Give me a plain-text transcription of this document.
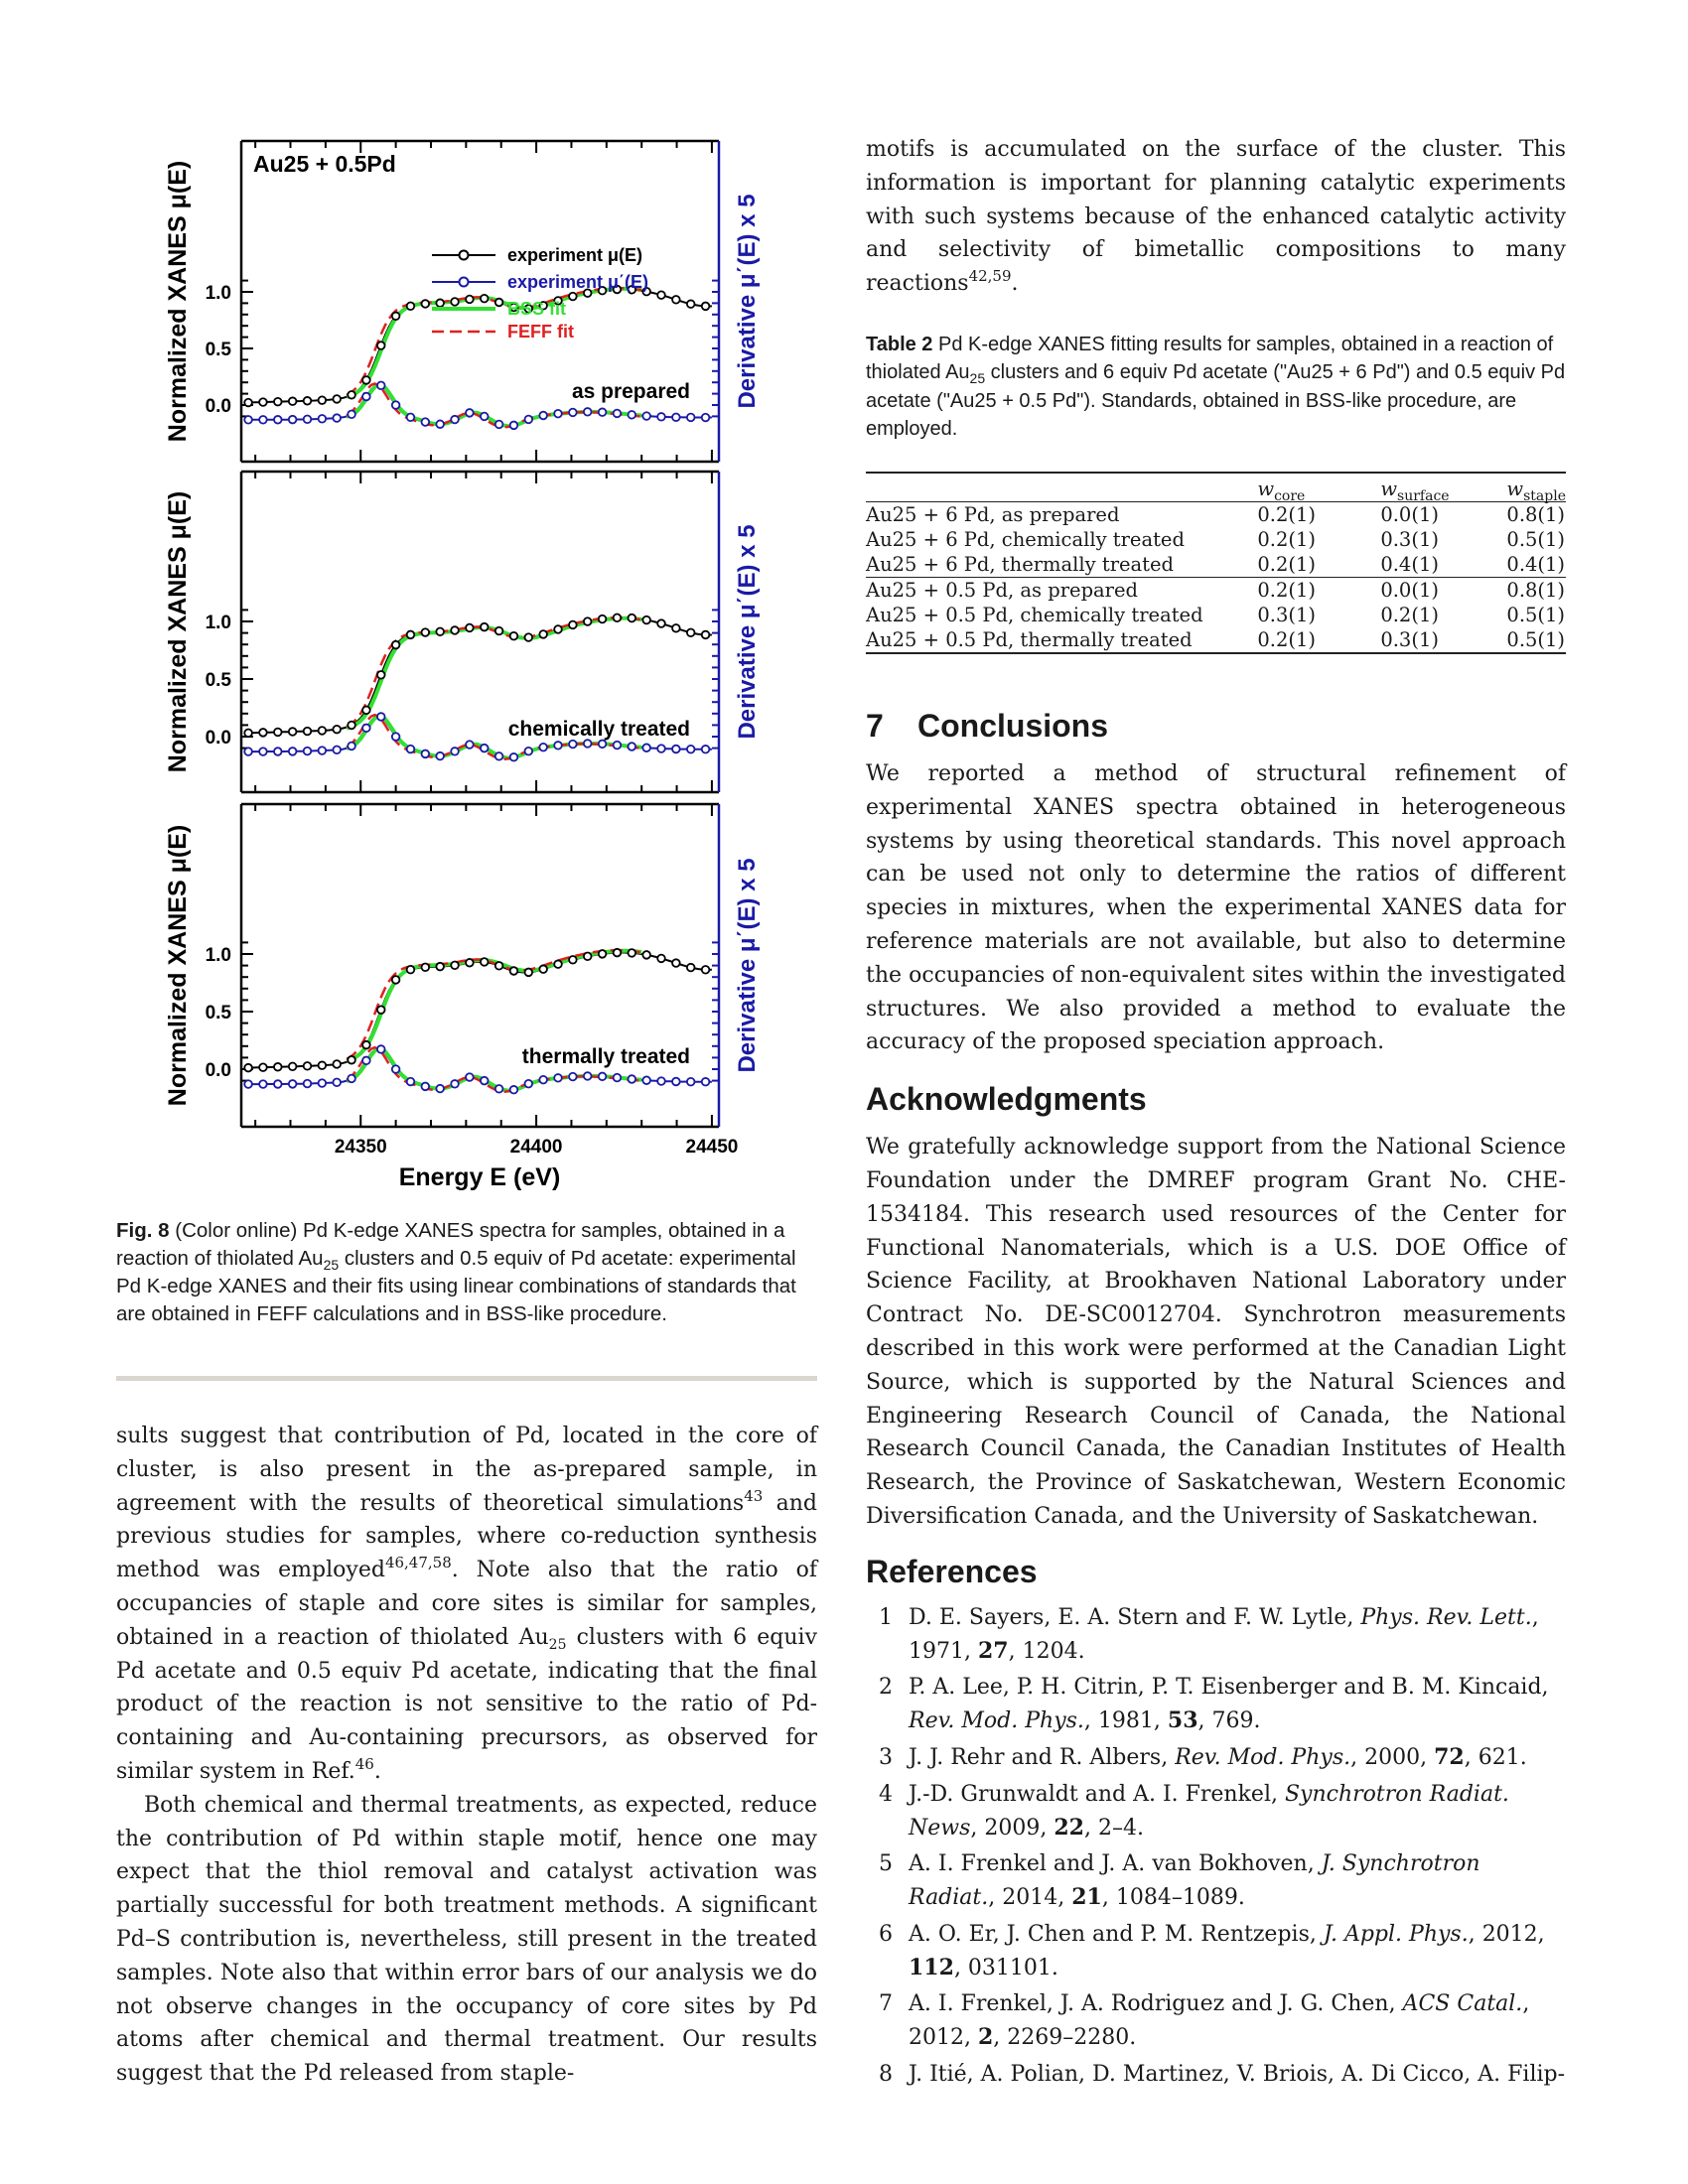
1.0
0.5
0.0
Normalized XANES μ(E)	Derivative μ΄(E) x 5
as prepared
1.0
0.5
0.0
Normalized XANES μ(E)	Derivative μ΄(E) x 5
chemically treated
1.0
0.5
0.0
Normalized XANES μ(E)	Derivative μ΄(E) x 5
thermally treated
Au25 + 0.5Pd
experiment μ(E)
experiment μ΄(E)
BSS fit
FEFF fit
24350	24400	24450
Energy E (eV)
Fig. 8 (Color online) Pd K-edge XANES spectra for samples, obtained in a reaction of thiolated $Au_{25}$ clusters and 0.5 equiv of Pd acetate: experimental Pd K-edge XANES and their fits using linear combinations of standards that are obtained in FEFF calculations and in BSS-like procedure.

sults suggest that contribution of Pd, located in the core of cluster, is also present in the as-prepared sample, in agreement with the results of theoretical simulations$^{43}$ and previous studies for samples, where co-reduction synthesis method was employed$^{46,47,58}$. Note also that the ratio of occupancies of staple and core sites is similar for samples, obtained in a reaction of thiolated $Au_{25}$ clusters with 6 equiv Pd acetate and 0.5 equiv Pd acetate, indicating that the final product of the reaction is not sensitive to the ratio of Pd-containing and Au-containing precursors, as observed for similar system in Ref.$^{46}$.

Both chemical and thermal treatments, as expected, reduce the contribution of Pd within staple motif, hence one may expect that the thiol removal and catalyst activation was partially successful for both treatment methods. A significant Pd–S contribution is, nevertheless, still present in the treated samples. Note also that within error bars of our analysis we do not observe changes in the occupancy of core sites by Pd atoms after chemical and thermal treatment. Our results suggest that the Pd released from staple-

motifs is accumulated on the surface of the cluster. This information is important for planning catalytic experiments with such systems because of the enhanced catalytic activity and selectivity of bimetallic compositions to many reactions$^{42,59}$.

Table 2 Pd K-edge XANES fitting results for samples, obtained in a reaction of thiolated $Au_{25}$ clusters and 6 equiv Pd acetate ("Au25 + 6 Pd") and 0.5 equiv Pd acetate ("Au25 + 0.5 Pd"). Standards, obtained in BSS-like procedure, are employed.

	$w_{core}$	$w_{surface}$	$w_{staple}$
Au25 + 6 Pd, as prepared	0.2(1)	0.0(1)	0.8(1)
Au25 + 6 Pd, chemically treated	0.2(1)	0.3(1)	0.5(1)
Au25 + 6 Pd, thermally treated	0.2(1)	0.4(1)	0.4(1)
Au25 + 0.5 Pd, as prepared	0.2(1)	0.0(1)	0.8(1)
Au25 + 0.5 Pd, chemically treated	0.3(1)	0.2(1)	0.5(1)
Au25 + 0.5 Pd, thermally treated	0.2(1)	0.3(1)	0.5(1)
7 Conclusions

We reported a method of structural refinement of experimental XANES spectra obtained in heterogeneous systems by using theoretical standards. This novel approach can be used not only to determine the ratios of different species in mixtures, when the experimental XANES data for reference materials are not available, but also to determine the occupancies of non-equivalent sites within the investigated structures. We also provided a method to evaluate the accuracy of the proposed speciation approach.

Acknowledgments

We gratefully acknowledge support from the National Science Foundation under the DMREF program Grant No. CHE-1534184. This research used resources of the Center for Functional Nanomaterials, which is a U.S. DOE Office of Science Facility, at Brookhaven National Laboratory under Contract No. DE-SC0012704. Synchrotron measurements described in this work were performed at the Canadian Light Source, which is supported by the Natural Sciences and Engineering Research Council of Canada, the National Research Council Canada, the Canadian Institutes of Health Research, the Province of Saskatchewan, Western Economic Diversification Canada, and the University of Saskatchewan.

References
1 D. E. Sayers, E. A. Stern and F. W. Lytle, Phys. Rev. Lett., 1971, 27, 1204.
2 P. A. Lee, P. H. Citrin, P. T. Eisenberger and B. M. Kincaid, Rev. Mod. Phys., 1981, 53, 769.
3 J. J. Rehr and R. Albers, Rev. Mod. Phys., 2000, 72, 621.
4 J.-D. Grunwaldt and A. I. Frenkel, Synchrotron Radiat. News, 2009, 22, 2–4.
5 A. I. Frenkel and J. A. van Bokhoven, J. Synchrotron Radiat., 2014, 21, 1084–1089.
6 A. O. Er, J. Chen and P. M. Rentzepis, J. Appl. Phys., 2012, 112, 031101.
7 A. I. Frenkel, J. A. Rodriguez and J. G. Chen, ACS Catal., 2012, 2, 2269–2280.
8 J. Itié, A. Polian, D. Martinez, V. Briois, A. Di Cicco, A. Filip-
